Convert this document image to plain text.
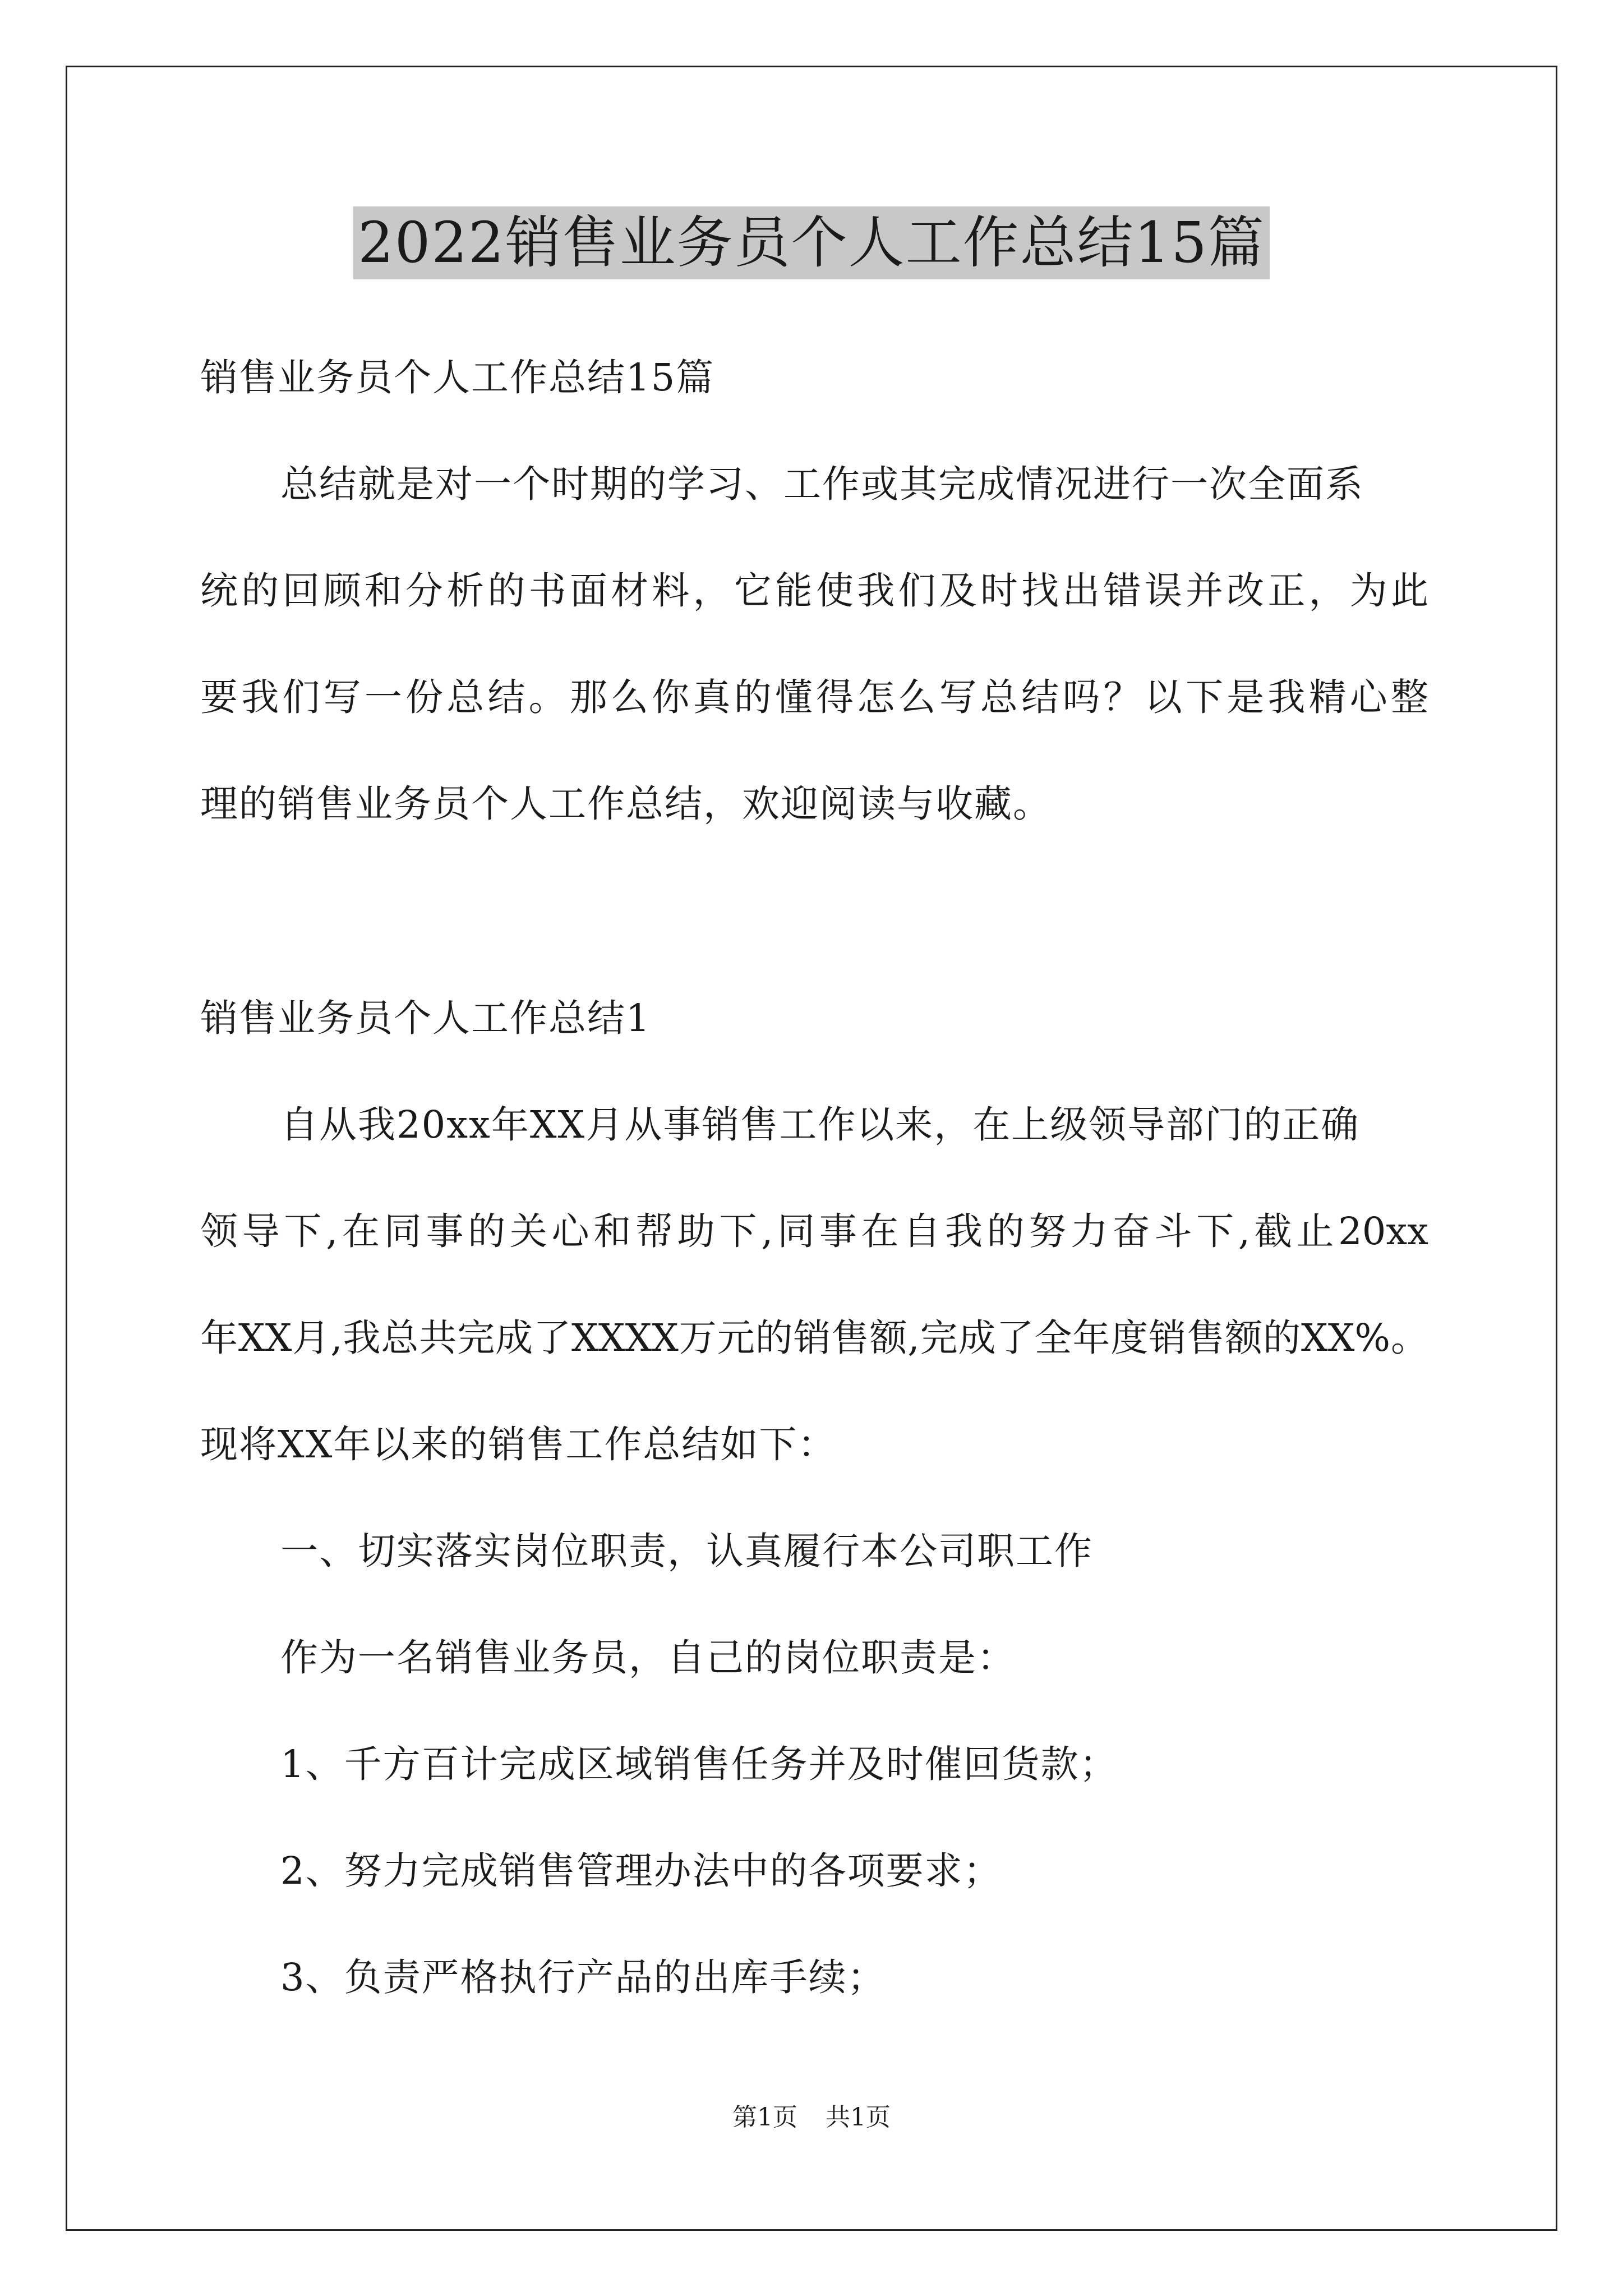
2022销售业务员个人工作总结15篇
销售业务员个人工作总结15篇
总结就是对一个时期的学习、工作或其完成情况进行一次全面系
统的回顾和分析的书面材料，它能使我们及时找出错误并改正，为此
要我们写一份总结。那么你真的懂得怎么写总结吗？以下是我精心整
理的销售业务员个人工作总结，欢迎阅读与收藏。
销售业务员个人工作总结1
自从我20xx年XX月从事销售工作以来，在上级领导部门的正确
领导下,在同事的关心和帮助下,同事在自我的努力奋斗下,截止20xx
年XX月,我总共完成了XXXX万元的销售额,完成了全年度销售额的XX%。
现将XX年以来的销售工作总结如下：
一、切实落实岗位职责，认真履行本公司职工作
作为一名销售业务员，自己的岗位职责是：
1、千方百计完成区域销售任务并及时催回货款；
2、努力完成销售管理办法中的各项要求；
3、负责严格执行产品的出库手续；
第1页 共1页
